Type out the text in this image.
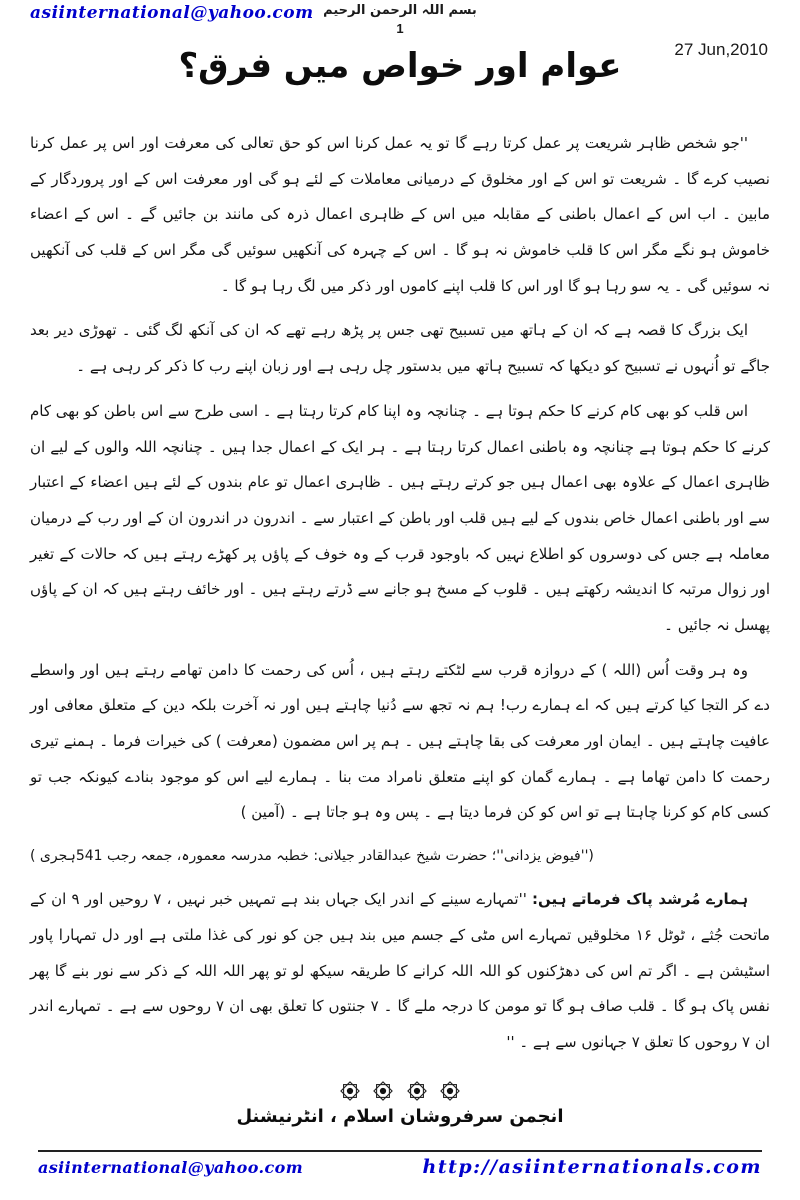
asiinternational@yahoo.com بسم اللہ الرحمن الرحیم
1
27 Jun,2010
عوام اور خواص میں فرق؟

''جو شخص ظاہر شریعت پر عمل کرتا رہے گا تو یہ عمل کرنا اس کو حق تعالی کی معرفت اور اس پر عمل کرنا نصیب کرے گا ۔ شریعت تو اس کے اور مخلوق کے درمیانی معاملات کے لئے ہو گی اور معرفت اس کے اور پروردگار کے مابین ۔ اب اس کے اعمال باطنی کے مقابلہ میں اس کے ظاہری اعمال ذرہ کی مانند بن جائیں گے ۔ اس کے اعضاء خاموش ہو نگے مگر اس کا قلب خاموش نہ ہو گا ۔ اس کے چہرہ کی آنکھیں سوئیں گی مگر اس کے قلب کی آنکھیں نہ سوئیں گی ۔ یہ سو رہا ہو گا اور اس کا قلب اپنے کاموں اور ذکر میں لگ رہا ہو گا ۔

ایک بزرگ کا قصہ ہے کہ ان کے ہاتھ میں تسبیح تھی جس پر پڑھ رہے تھے کہ ان کی آنکھ لگ گئی ۔ تھوڑی دیر بعد جاگے تو اُنہوں نے تسبیح کو دیکھا کہ تسبیح ہاتھ میں بدستور چل رہی ہے اور زبان اپنے رب کا ذکر کر رہی ہے ۔

اس قلب کو بھی کام کرنے کا حکم ہوتا ہے ۔ چنانچہ وہ اپنا کام کرتا رہتا ہے ۔ اسی طرح سے اس باطن کو بھی کام کرنے کا حکم ہوتا ہے چنانچہ وہ باطنی اعمال کرتا رہتا ہے ۔ ہر ایک کے اعمال جدا ہیں ۔ چنانچہ اللہ والوں کے لیے ان ظاہری اعمال کے علاوہ بھی اعمال ہیں جو کرتے رہتے ہیں ۔ ظاہری اعمال تو عام بندوں کے لئے ہیں اعضاء کے اعتبار سے اور باطنی اعمال خاص بندوں کے لیے ہیں قلب اور باطن کے اعتبار سے ۔ اندرون در اندرون ان کے اور رب کے درمیان معاملہ ہے جس کی دوسروں کو اطلاع نہیں کہ باوجود قرب کے وہ خوف کے پاؤں پر کھڑے رہتے ہیں کہ حالات کے تغیر اور زوال مرتبہ کا اندیشہ رکھتے ہیں ۔ قلوب کے مسخ ہو جانے سے ڈرتے رہتے ہیں ۔ اور خائف رہتے ہیں کہ ان کے پاؤں پھسل نہ جائیں ۔

وہ ہر وقت اُس (اللہ ) کے دروازہ قرب سے لٹکتے رہتے ہیں ، اُس کی رحمت کا دامن تھامے رہتے ہیں اور واسطے دے کر التجا کیا کرتے ہیں کہ اے ہمارے رب! ہم نہ تجھ سے دُنیا چاہتے ہیں اور نہ آخرت بلکہ دین کے متعلق معافی اور عافیت چاہتے ہیں ۔ ایمان اور معرفت کی بقا چاہتے ہیں ۔ ہم پر اس مضمون (معرفت ) کی خیرات فرما ۔ ہمنے تیری رحمت کا دامن تھاما ہے ۔ ہمارے گمان کو اپنے متعلق نامراد مت بنا ۔ ہمارے لیے اس کو موجود بنادے کیونکہ جب تو کسی کام کو کرنا چاہتا ہے تو اس کو کن فرما دیتا ہے ۔ پس وہ ہو جاتا ہے ۔ (آمین )

(''فیوض یزدانی''؛ حضرت شیخ عبدالقادر جیلانی: خطبہ مدرسہ معمورہ، جمعہ رجب 541ہجری )

ہمارے مُرشد پاک فرماتے ہیں: ''تمہارے سینے کے اندر ایک جہاں بند ہے تمہیں خبر نہیں ، ۷ روحیں اور ۹ ان کے ماتحت جُثے ، ٹوٹل ۱۶ مخلوقیں تمہارے اس مٹی کے جسم میں بند ہیں جن کو نور کی غذا ملتی ہے اور دل تمہارا پاور اسٹیشن ہے ۔ اگر تم اس کی دھڑکنوں کو اللہ اللہ کرانے کا طریقہ سیکھ لو تو پھر اللہ اللہ کے ذکر سے نور بنے گا پھر نفس پاک ہو گا ۔ قلب صاف ہو گا تو مومن کا درجہ ملے گا ۔ ۷ جنتوں کا تعلق بھی ان ۷ روحوں سے ہے ۔ تمہارے اندر ان ۷ روحوں کا تعلق ۷ جہانوں سے ہے ۔ ''

انجمن سرفروشان اسلام ، انٹرنیشنل
asiinternational@yahoo.com	http://asiinternationals.com
